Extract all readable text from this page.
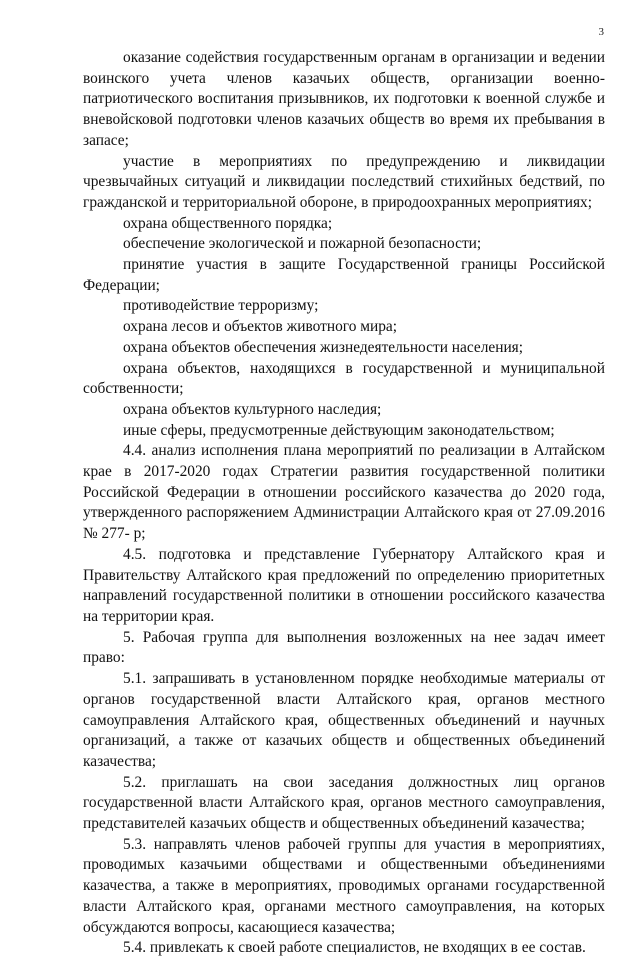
3

оказание содействия государственным органам в организации и ведении воинского учета членов казачьих обществ, организации военно-патриотического воспитания призывников, их подготовки к военной службе и вневойсковой подготовки членов казачьих обществ во время их пребывания в запасе;

участие в мероприятиях по предупреждению и ликвидации чрезвычайных ситуаций и ликвидации последствий стихийных бедствий, по гражданской и территориальной обороне, в природоохранных мероприятиях;

охрана общественного порядка;

обеспечение экологической и пожарной безопасности;

принятие участия в защите Государственной границы Российской Федерации;

противодействие терроризму;

охрана лесов и объектов животного мира;

охрана объектов обеспечения жизнедеятельности населения;

охрана объектов, находящихся в государственной и муниципальной собственности;

охрана объектов культурного наследия;

иные сферы, предусмотренные действующим законодательством;

4.4. анализ исполнения плана мероприятий по реализации в Алтайском крае в 2017-2020 годах Стратегии развития государственной политики Российской Федерации в отношении российского казачества до 2020 года, утвержденного распоряжением Администрации Алтайского края от 27.09.2016 № 277- р;

4.5. подготовка и представление Губернатору Алтайского края и Правительству Алтайского края предложений по определению приоритетных направлений государственной политики в отношении российского казачества на территории края.

5. Рабочая группа для выполнения возложенных на нее задач имеет право:

5.1. запрашивать в установленном порядке необходимые материалы от органов государственной власти Алтайского края, органов местного самоуправления Алтайского края, общественных объединений и научных организаций, а также от казачьих обществ и общественных объединений казачества;

5.2. приглашать на свои заседания должностных лиц органов государственной власти Алтайского края, органов местного самоуправления, представителей казачьих обществ и общественных объединений казачества;

5.3. направлять членов рабочей группы для участия в мероприятиях, проводимых казачьими обществами и общественными объединениями казачества, а также в мероприятиях, проводимых органами государственной власти Алтайского края, органами местного самоуправления, на которых обсуждаются вопросы, касающиеся казачества;

5.4. привлекать к своей работе специалистов, не входящих в ее состав.
